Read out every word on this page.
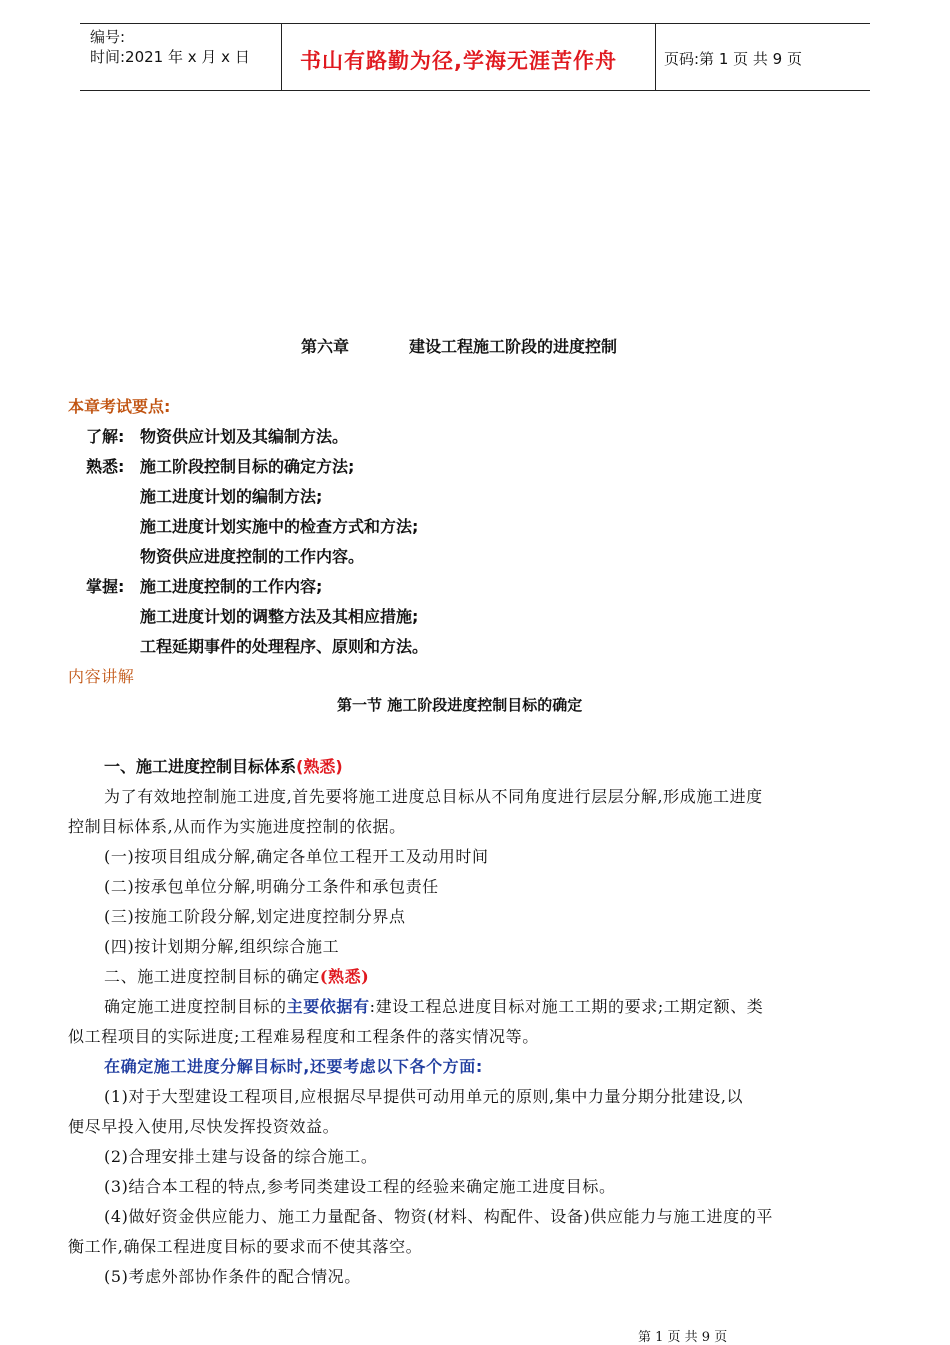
编号:
时间:2021 年 x 月 x 日 书山有路勤为径,学海无涯苦作舟	页码:第 1 页 共 9 页
第六章	建设工程施工阶段的进度控制
本章考试要点:
了解: 物资供应计划及其编制方法。
熟悉: 施工阶段控制目标的确定方法;
施工进度计划的编制方法;
施工进度计划实施中的检查方式和方法;
物资供应进度控制的工作内容。
掌握: 施工进度控制的工作内容;
施工进度计划的调整方法及其相应措施;
工程延期事件的处理程序、原则和方法。
内容讲解
第一节 施工阶段进度控制目标的确定
一、施工进度控制目标体系(熟悉)
为了有效地控制施工进度,首先要将施工进度总目标从不同角度进行层层分解,形成施工进度
控制目标体系,从而作为实施进度控制的依据。
(一)按项目组成分解,确定各单位工程开工及动用时间
(二)按承包单位分解,明确分工条件和承包责任
(三)按施工阶段分解,划定进度控制分界点
(四)按计划期分解,组织综合施工
二、施工进度控制目标的确定(熟悉)
确定施工进度控制目标的主要依据有:建设工程总进度目标对施工工期的要求;工期定额、类
似工程项目的实际进度;工程难易程度和工程条件的落实情况等。
在确定施工进度分解目标时,还要考虑以下各个方面:
(1)对于大型建设工程项目,应根据尽早提供可动用单元的原则,集中力量分期分批建设,以
便尽早投入使用,尽快发挥投资效益。
(2)合理安排土建与设备的综合施工。
(3)结合本工程的特点,参考同类建设工程的经验来确定施工进度目标。
(4)做好资金供应能力、施工力量配备、物资(材料、构配件、设备)供应能力与施工进度的平
衡工作,确保工程进度目标的要求而不使其落空。
(5)考虑外部协作条件的配合情况。
第 1 页 共 9 页
